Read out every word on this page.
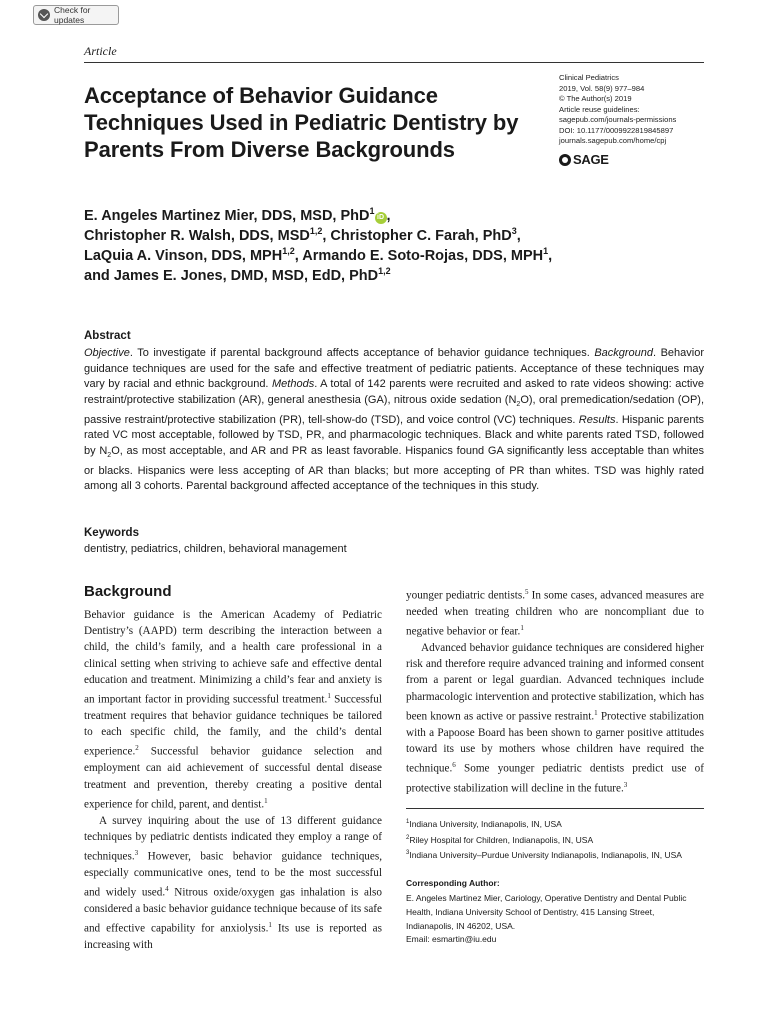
Check for updates
Article
Acceptance of Behavior Guidance Techniques Used in Pediatric Dentistry by Parents From Diverse Backgrounds
Clinical Pediatrics
2019, Vol. 58(9) 977–984
© The Author(s) 2019
Article reuse guidelines:
sagepub.com/journals-permissions
DOI: 10.1177/0009922819845897
journals.sagepub.com/home/cpj
SAGE
E. Angeles Martinez Mier, DDS, MSD, PhD$^1$iD ,
Christopher R. Walsh, DDS, MSD$^{1,2}$, Christopher C. Farah, PhD$^3$,
LaQuia A. Vinson, DDS, MPH$^{1,2}$, Armando E. Soto-Rojas, DDS, MPH$^1$,
and James E. Jones, DMD, MSD, EdD, PhD$^{1,2}$
Abstract

Objective. To investigate if parental background affects acceptance of behavior guidance techniques. Background. Behavior guidance techniques are used for the safe and effective treatment of pediatric patients. Acceptance of these techniques may vary by racial and ethnic background. Methods. A total of 142 parents were recruited and asked to rate videos showing: active restraint/protective stabilization (AR), general anesthesia (GA), nitrous oxide sedation $(N_2O)$, oral premedication/sedation (OP), passive restraint/protective stabilization (PR), tell-show-do (TSD), and voice control (VC) techniques. Results. Hispanic parents rated VC most acceptable, followed by TSD, PR, and pharmacologic techniques. Black and white parents rated TSD, followed by $N_2O$, as most acceptable, and AR and PR as least favorable. Hispanics found GA significantly less acceptable than whites or blacks. Hispanics were less accepting of AR than blacks; but more accepting of PR than whites. TSD was highly rated among all 3 cohorts. Parental background affected acceptance of the techniques in this study.

Keywords
dentistry, pediatrics, children, behavioral management
Background

Behavior guidance is the American Academy of Pediatric Dentistry’s (AAPD) term describing the interaction between a child, the child’s family, and a health care professional in a clinical setting when striving to achieve safe and effective dental education and treatment. Minimizing a child’s fear and anxiety is an important factor in providing successful treatment.$^1$ Successful treatment requires that behavior guidance techniques be tailored to each specific child, the family, and the child’s dental experience.$^2$ Successful behavior guidance selection and employment can aid achievement of successful dental disease treatment and prevention, thereby creating a positive dental experience for child, parent, and dentist.$^1$

A survey inquiring about the use of 13 different guidance techniques by pediatric dentists indicated they employ a range of techniques.$^3$ However, basic behavior guidance techniques, especially communicative ones, tend to be the most successful and widely used.$^4$ Nitrous oxide/oxygen gas inhalation is also considered a basic behavior guidance technique because of its safe and effective capability for anxiolysis.$^1$ Its use is reported as increasing with

younger pediatric dentists.$^5$ In some cases, advanced measures are needed when treating children who are noncompliant due to negative behavior or fear.$^1$

Advanced behavior guidance techniques are considered higher risk and therefore require advanced training and informed consent from a parent or legal guardian. Advanced techniques include pharmacologic intervention and protective stabilization, which has been known as active or passive restraint.$^1$ Protective stabilization with a Papoose Board has been shown to garner positive attitudes toward its use by mothers whose children have required the technique.$^6$ Some younger pediatric dentists predict use of protective stabilization will decline in the future.$^3$

$^1$Indiana University, Indianapolis, IN, USA
$^2$Riley Hospital for Children, Indianapolis, IN, USA
$^3$Indiana University–Purdue University Indianapolis, Indianapolis, IN, USA
Corresponding Author:
E. Angeles Martinez Mier, Cariology, Operative Dentistry and Dental Public Health, Indiana University School of Dentistry, 415 Lansing Street, Indianapolis, IN 46202, USA.
Email: esmartin@iu.edu
